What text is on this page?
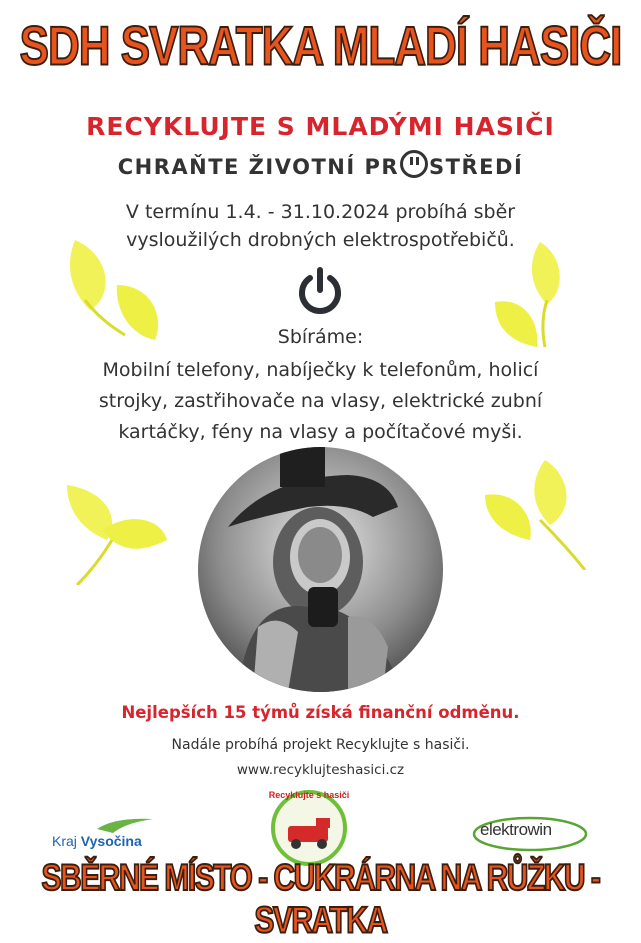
SDH SVRATKA MLADÍ HASIČI
RECYKLUJTE S MLADÝMI HASIČI
CHRAŇTE ŽIVOTNÍ PR STŘEDÍ
V termínu 1.4. - 31.10.2024 probíhá sběr
vysloužilých drobných elektrospotřebičů.
Sbíráme:
Mobilní telefony, nabíječky k telefonům, holicí
strojky, zastřihovače na vlasy, elektrické zubní
kartáčky, fény na vlasy a počítačové myši.
Nejlepších 15 týmů získá finanční odměnu.
Nadále probíhá projekt Recyklujte s hasiči.
www.recyklujteshasici.cz
Kraj Vysočina
Recyklujte s hasiči
elektrowin
SBĚRNÉ MÍSTO - CUKRÁRNA NA RŮŽKU - SVRATKA
